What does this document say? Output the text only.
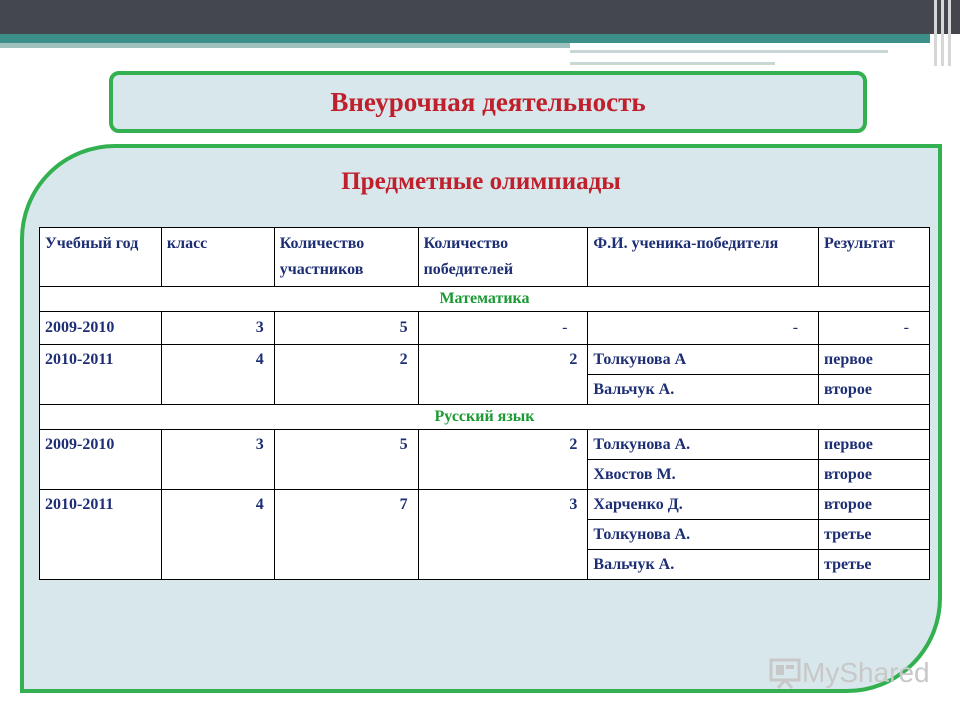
Внеурочная деятельность
Предметные олимпиады
Учебный год	класс	Количество участников	Количество победителей	Ф.И. ученика-победителя	Результат
Математика					
2009-2010	3	5	-	-	-
2010-2011	4	2	2	Толкунова А	первое
				Вальчук А.	второе
Русский язык					
2009-2010	3	5	2	Толкунова А.	первое
				Хвостов М.	второе
2010-2011	4	7	3	Харченко Д.	второе
				Толкунова А.	третье
				Вальчук А.	третье
MyShared
